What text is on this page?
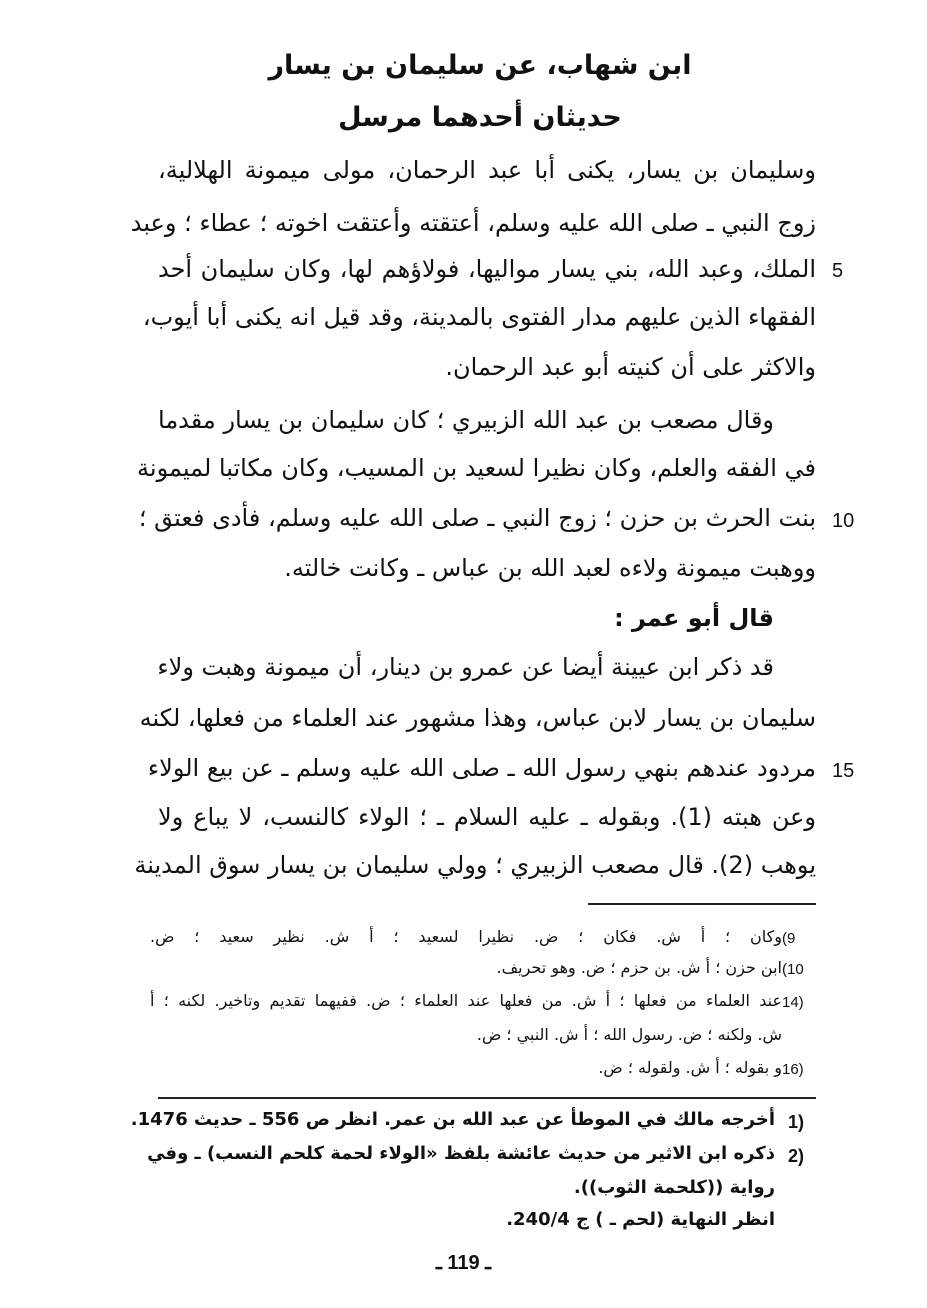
ابن شهاب، عن سليمان بن يسار
حديثان أحدهما مرسل
وسليمان بن يسار، يكنى أبا عبد الرحمان، مولى ميمونة الهلالية،
زوج النبي ـ صلى الله عليه وسلم، أعتقته وأعتقت اخوته ؛ عطاء ؛ وعبد
الملك، وعبد الله، بني يسار مواليها، فولاؤهم لها، وكان سليمان أحد
الفقهاء الذين عليهم مدار الفتوى بالمدينة، وقد قيل انه يكنى أبا أيوب،
والاكثر على أن كنيته أبو عبد الرحمان.
وقال مصعب بن عبد الله الزبيري ؛ كان سليمان بن يسار مقدما
في الفقه والعلم، وكان نظيرا لسعيد بن المسيب، وكان مكاتبا لميمونة
بنت الحرث بن حزن ؛ زوج النبي ـ صلى الله عليه وسلم، فأدى فعتق ؛
ووهبت ميمونة ولاءه لعبد الله بن عباس ـ وكانت خالته.
قال أبو عمر :
قد ذكر ابن عيينة أيضا عن عمرو بن دينار، أن ميمونة وهبت ولاء
سليمان بن يسار لابن عباس، وهذا مشهور عند العلماء من فعلها، لكنه
مردود عندهم بنهي رسول الله ـ صلى الله عليه وسلم ـ عن بيع الولاء
وعن هبته (1). وبقوله ـ عليه السلام ـ ؛ الولاء كالنسب، لا يباع ولا
يوهب (2). قال مصعب الزبيري ؛ وولي سليمان بن يسار سوق المدينة
5
10
15
وكان ؛ أ ش. فكان ؛ ض. نظيرا لسعيد ؛ أ ش. نظير سعيد ؛ ض. (9
ابن حزن ؛ أ ش. بن حزم ؛ ض. وهو تحريف. (10
عند العلماء من فعلها ؛ أ ش. من فعلها عند العلماء ؛ ض. ففيهما تقديم وتاخير. لكنه ؛ أ 14)
ش. ولكنه ؛ ض. رسول الله ؛ أ ش. النبي ؛ ض.
و بقوله ؛ أ ش. ولقوله ؛ ض. 16)
أخرجه مالك في الموطأ عن عبد الله بن عمر. انظر ص 556 ـ حديث 1476. 1)
ذكره ابن الاثير من حديث عائشة بلفظ «الولاء لحمة كلحم النسب) ـ وفي 2)
رواية ((كلحمة الثوب)).
انظر النهاية (لحم ـ ) ج 240/4.
ـ 119 ـ
